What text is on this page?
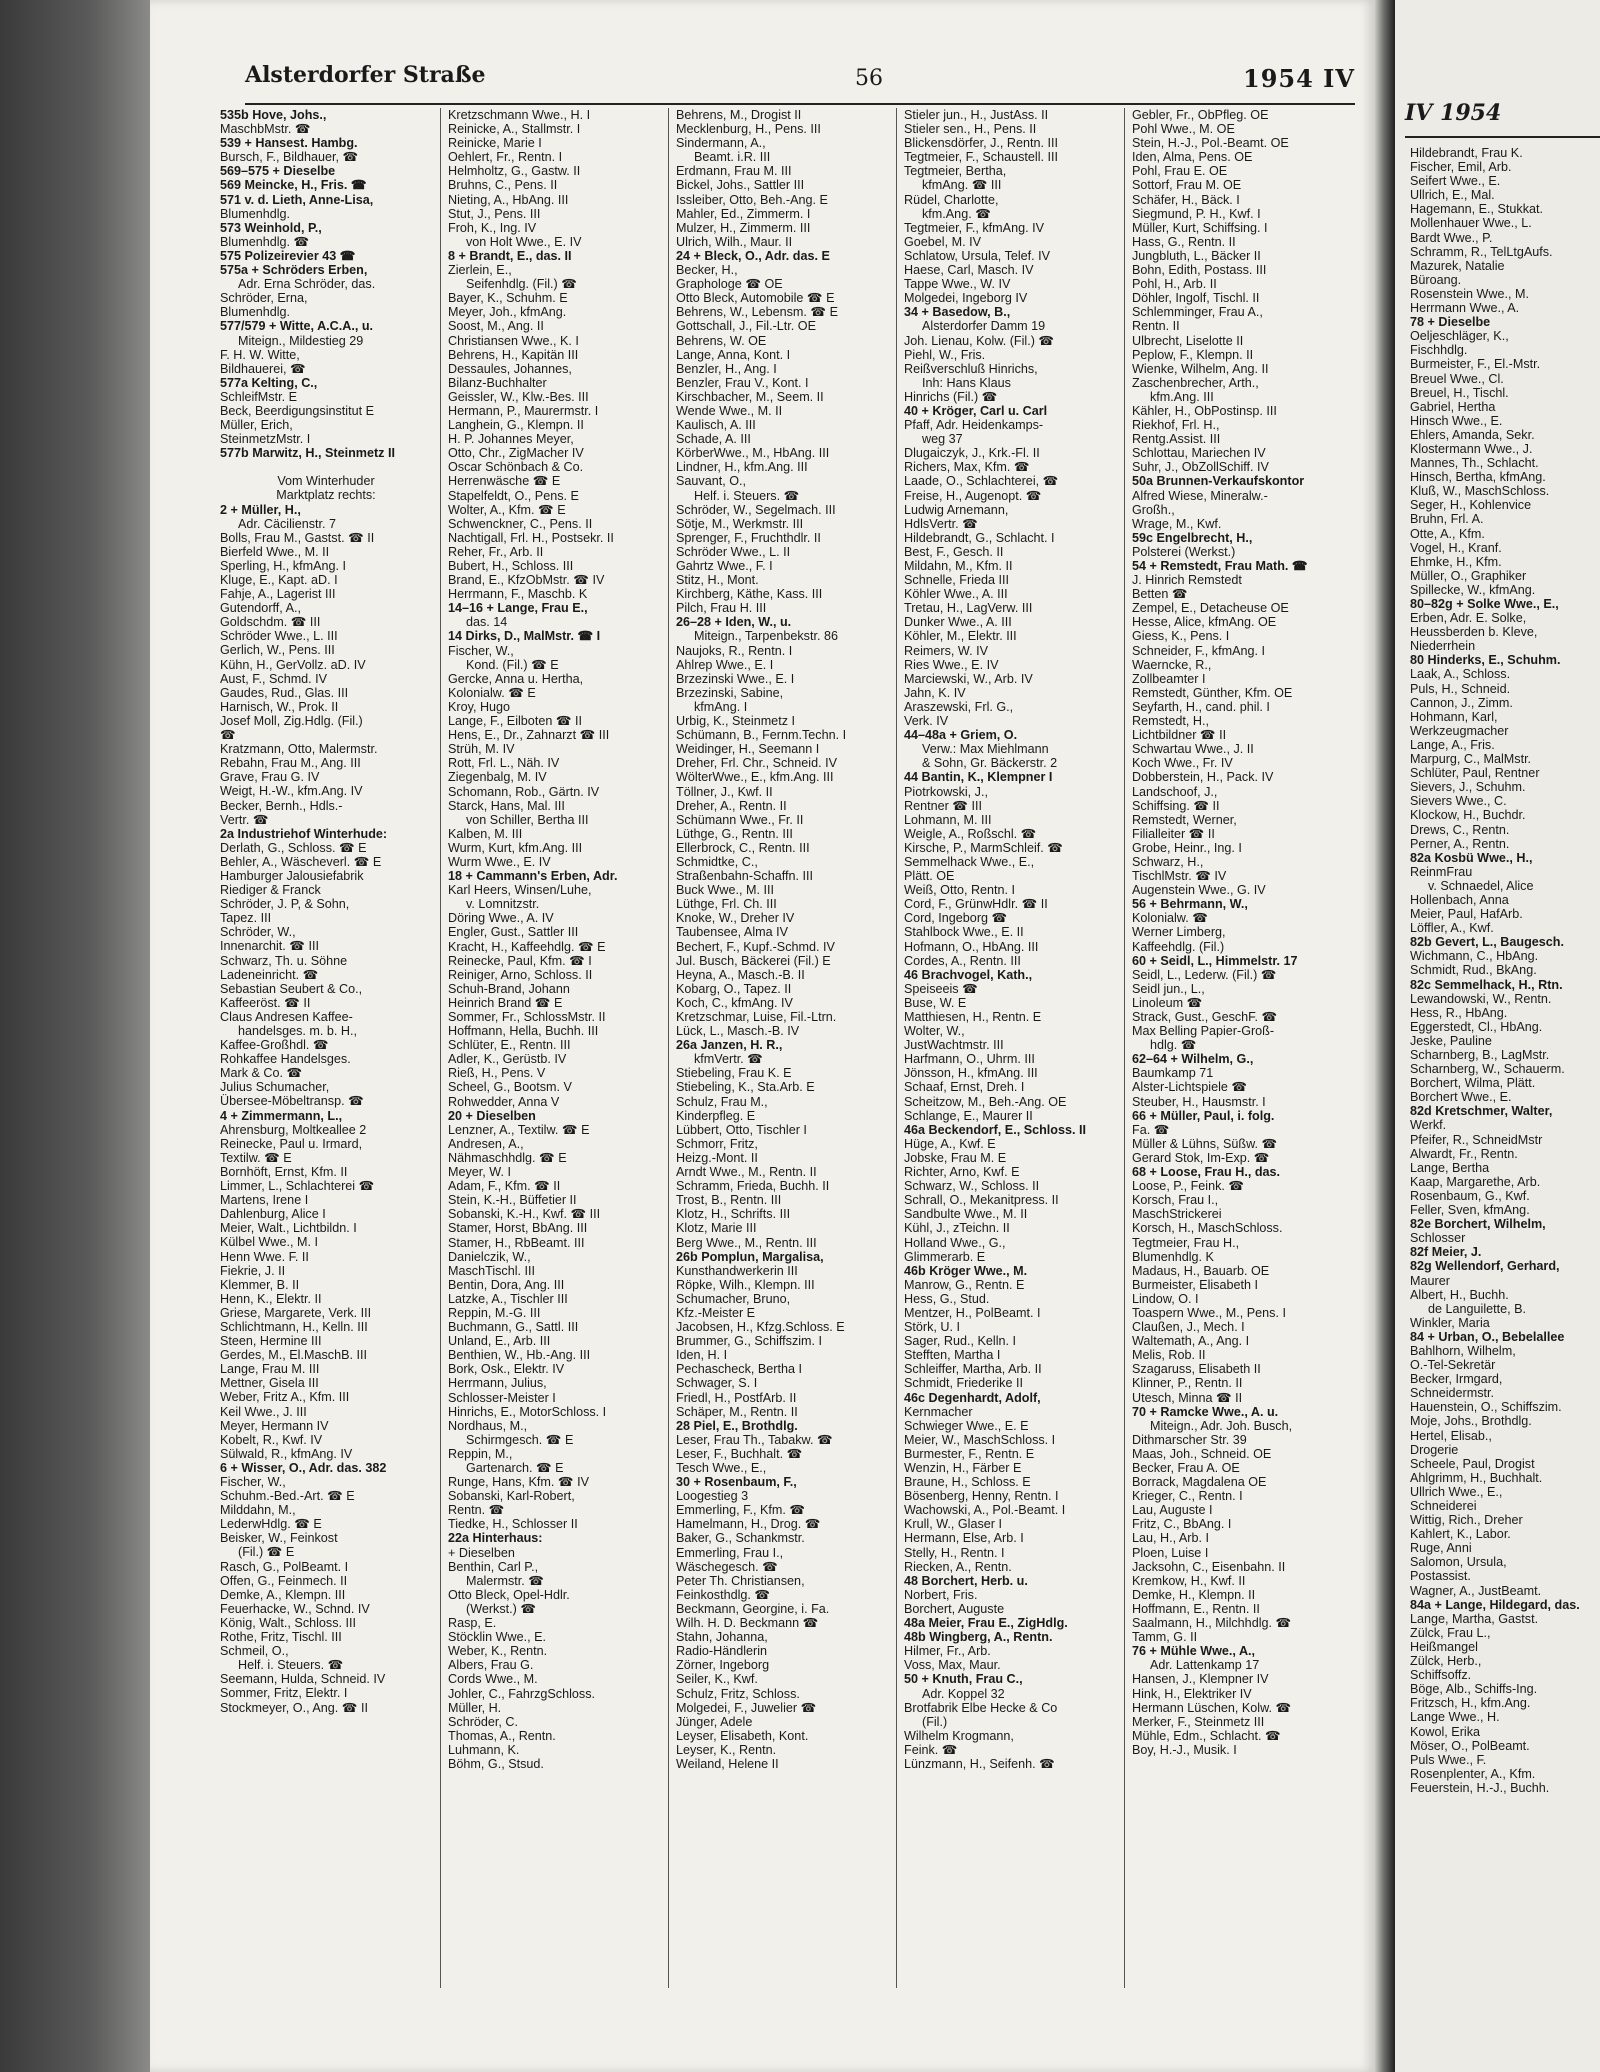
Alsterdorfer Straße	56	1954 IV
535b Hove, Johs.,
MaschbMstr. ☎
539 + Hansest. Hambg.
Bursch, F., Bildhauer, ☎
569–575 + Dieselbe
569 Meincke, H., Fris. ☎
571 v. d. Lieth, Anne-Lisa,
Blumenhdlg.
573 Weinhold, P.,
Blumenhdlg. ☎
575 Polizeirevier 43 ☎
575a + Schröders Erben,
Adr. Erna Schröder, das.
Schröder, Erna,
Blumenhdlg.
577/579 + Witte, A.C.A., u.
Miteign., Mildestieg 29
F. H. W. Witte,
Bildhauerei, ☎
577a Kelting, C.,
SchleifMstr. E
Beck, Beerdigungsinstitut E
Müller, Erich,
SteinmetzMstr. I
577b Marwitz, H., Steinmetz II
Vom Winterhuder
Marktplatz rechts:
2 + Müller, H.,
Adr. Cäcilienstr. 7
Bolls, Frau M., Gastst. ☎ II
Bierfeld Wwe., M. II
Sperling, H., kfmAng. I
Kluge, E., Kapt. aD. I
Fahje, A., Lagerist III
Gutendorff, A.,
Goldschdm. ☎ III
Schröder Wwe., L. III
Gerlich, W., Pens. III
Kühn, H., GerVollz. aD. IV
Aust, F., Schmd. IV
Gaudes, Rud., Glas. III
Harnisch, W., Prok. II
Josef Moll, Zig.Hdlg. (Fil.)
☎
Kratzmann, Otto, Malermstr.
Rebahn, Frau M., Ang. III
Grave, Frau G. IV
Weigt, H.-W., kfm.Ang. IV
Becker, Bernh., Hdls.-
Vertr. ☎
2a Industriehof Winterhude:
Derlath, G., Schloss. ☎ E
Behler, A., Wäscheverl. ☎ E
Hamburger Jalousiefabrik
Riediger & Franck
Schröder, J. P, & Sohn,
Tapez. III
Schröder, W.,
Innenarchit. ☎ III
Schwarz, Th. u. Söhne
Ladeneinricht. ☎
Sebastian Seubert & Co.,
Kaffeeröst. ☎ II
Claus Andresen Kaffee-
handelsges. m. b. H.,
Kaffee-Großhdl. ☎
Rohkaffee Handelsges.
Mark & Co. ☎
Julius Schumacher,
Übersee-Möbeltransp. ☎
4 + Zimmermann, L.,
Ahrensburg, Moltkeallee 2
Reinecke, Paul u. Irmard,
Textilw. ☎ E
Bornhöft, Ernst, Kfm. II
Limmer, L., Schlachterei ☎
Martens, Irene I
Dahlenburg, Alice I
Meier, Walt., Lichtbildn. I
Külbel Wwe., M. I
Henn Wwe. F. II
Fiekrie, J. II
Klemmer, B. II
Henn, K., Elektr. II
Griese, Margarete, Verk. III
Schlichtmann, H., Kelln. III
Steen, Hermine III
Gerdes, M., El.MaschB. III
Lange, Frau M. III
Mettner, Gisela III
Weber, Fritz A., Kfm. III
Keil Wwe., J. III
Meyer, Hermann IV
Kobelt, R., Kwf. IV
Sülwald, R., kfmAng. IV
6 + Wisser, O., Adr. das. 382
Fischer, W.,
Schuhm.-Bed.-Art. ☎ E
Milddahn, M.,
LederwHdlg. ☎ E
Beisker, W., Feinkost
(Fil.) ☎ E
Rasch, G., PolBeamt. I
Offen, G., Feinmech. II
Demke, A., Klempn. III
Feuerhacke, W., Schnd. IV
König, Walt., Schloss. III
Rothe, Fritz, Tischl. III
Schmeil, O.,
Helf. i. Steuers. ☎
Seemann, Hulda, Schneid. IV
Sommer, Fritz, Elektr. I
Stockmeyer, O., Ang. ☎ II
Kretzschmann Wwe., H. I
Reinicke, A., Stallmstr. I
Reinicke, Marie I
Oehlert, Fr., Rentn. I
Helmholtz, G., Gastw. II
Bruhns, C., Pens. II
Nieting, A., HbAng. III
Stut, J., Pens. III
Froh, K., Ing. IV
von Holt Wwe., E. IV
8 + Brandt, E., das. II
Zierlein, E.,
Seifenhdlg. (Fil.) ☎
Bayer, K., Schuhm. E
Meyer, Joh., kfmAng.
Soost, M., Ang. II
Christiansen Wwe., K. I
Behrens, H., Kapitän III
Dessaules, Johannes,
Bilanz-Buchhalter
Geissler, W., Klw.-Bes. III
Hermann, P., Maurermstr. I
Langhein, G., Klempn. II
H. P. Johannes Meyer,
Otto, Chr., ZigMacher IV
Oscar Schönbach & Co.
Herrenwäsche ☎ E
Stapelfeldt, O., Pens. E
Wolter, A., Kfm. ☎ E
Schwenckner, C., Pens. II
Nachtigall, Frl. H., Postsekr. II
Reher, Fr., Arb. II
Bubert, H., Schloss. III
Brand, E., KfzObMstr. ☎ IV
Herrmann, F., Maschb. K
14–16 + Lange, Frau E.,
das. 14
14 Dirks, D., MalMstr. ☎ I
Fischer, W.,
Kond. (Fil.) ☎ E
Gercke, Anna u. Hertha,
Kolonialw. ☎ E
Kroy, Hugo
Lange, F., Eilboten ☎ II
Hens, E., Dr., Zahnarzt ☎ III
Strüh, M. IV
Rott, Frl. L., Näh. IV
Ziegenbalg, M. IV
Schomann, Rob., Gärtn. IV
Starck, Hans, Mal. III
von Schiller, Bertha III
Kalben, M. III
Wurm, Kurt, kfm.Ang. III
Wurm Wwe., E. IV
18 + Cammann's Erben, Adr.
Karl Heers, Winsen/Luhe,
v. Lomnitzstr.
Döring Wwe., A. IV
Engler, Gust., Sattler III
Kracht, H., Kaffeehdlg. ☎ E
Reinecke, Paul, Kfm. ☎ I
Reiniger, Arno, Schloss. II
Schuh-Brand, Johann
Heinrich Brand ☎ E
Sommer, Fr., SchlossMstr. II
Hoffmann, Hella, Buchh. III
Schlüter, E., Rentn. III
Adler, K., Gerüstb. IV
Rieß, H., Pens. V
Scheel, G., Bootsm. V
Rohwedder, Anna V
20 + Dieselben
Lenzner, A., Textilw. ☎ E
Andresen, A.,
Nähmaschhdlg. ☎ E
Meyer, W. I
Adam, F., Kfm. ☎ II
Stein, K.-H., Büffetier II
Sobanski, K.-H., Kwf. ☎ III
Stamer, Horst, BbAng. III
Stamer, H., RbBeamt. III
Danielczik, W.,
MaschTischl. III
Bentin, Dora, Ang. III
Latzke, A., Tischler III
Reppin, M.-G. III
Buchmann, G., Sattl. III
Unland, E., Arb. III
Benthien, W., Hb.-Ang. III
Bork, Osk., Elektr. IV
Herrmann, Julius,
Schlosser-Meister I
Hinrichs, E., MotorSchloss. I
Nordhaus, M.,
Schirmgesch. ☎ E
Reppin, M.,
Gartenarch. ☎ E
Runge, Hans, Kfm. ☎ IV
Sobanski, Karl-Robert,
Rentn. ☎
Tiedke, H., Schlosser II
22a Hinterhaus:
+ Dieselben
Benthin, Carl P.,
Malermstr. ☎
Otto Bleck, Opel-Hdlr.
(Werkst.) ☎
Rasp, E.
Stöcklin Wwe., E.
Weber, K., Rentn.
Albers, Frau G.
Cords Wwe., M.
Johler, C., FahrzgSchloss.
Müller, H.
Schröder, C.
Thomas, A., Rentn.
Luhmann, K.
Böhm, G., Stsud.
Behrens, M., Drogist II
Mecklenburg, H., Pens. III
Sindermann, A.,
Beamt. i.R. III
Erdmann, Frau M. III
Bickel, Johs., Sattler III
Issleiber, Otto, Beh.-Ang. E
Mahler, Ed., Zimmerm. I
Mulzer, H., Zimmerm. III
Ulrich, Wilh., Maur. II
24 + Bleck, O., Adr. das. E
Becker, H.,
Graphologe ☎ OE
Otto Bleck, Automobile ☎ E
Behrens, W., Lebensm. ☎ E
Gottschall, J., Fil.-Ltr. OE
Behrens, W. OE
Lange, Anna, Kont. I
Benzler, H., Ang. I
Benzler, Frau V., Kont. I
Kirschbacher, M., Seem. II
Wende Wwe., M. II
Kaulisch, A. III
Schade, A. III
KörberWwe., M., HbAng. III
Lindner, H., kfm.Ang. III
Sauvant, O.,
Helf. i. Steuers. ☎
Schröder, W., Segelmach. III
Sötje, M., Werkmstr. III
Sprenger, F., Fruchthdlr. II
Schröder Wwe., L. II
Gahrtz Wwe., F. I
Stitz, H., Mont.
Kirchberg, Käthe, Kass. III
Pilch, Frau H. III
26–28 + Iden, W., u.
Miteign., Tarpenbekstr. 86
Naujoks, R., Rentn. I
Ahlrep Wwe., E. I
Brzezinski Wwe., E. I
Brzezinski, Sabine,
kfmAng. I
Urbig, K., Steinmetz I
Schümann, B., Fernm.Techn. I
Weidinger, H., Seemann I
Dreher, Frl. Chr., Schneid. IV
WölterWwe., E., kfm.Ang. III
Töllner, J., Kwf. II
Dreher, A., Rentn. II
Schümann Wwe., Fr. II
Lüthge, G., Rentn. III
Ellerbrock, C., Rentn. III
Schmidtke, C.,
Straßenbahn-Schaffn. III
Buck Wwe., M. III
Lüthge, Frl. Ch. III
Knoke, W., Dreher IV
Taubensee, Alma IV
Bechert, F., Kupf.-Schmd. IV
Jul. Busch, Bäckerei (Fil.) E
Heyna, A., Masch.-B. II
Kobarg, O., Tapez. II
Koch, C., kfmAng. IV
Kretzschmar, Luise, Fil.-Ltrn.
Lück, L., Masch.-B. IV
26a Janzen, H. R.,
kfmVertr. ☎
Stiebeling, Frau K. E
Stiebeling, K., Sta.Arb. E
Schulz, Frau M.,
Kinderpfleg. E
Lübbert, Otto, Tischler I
Schmorr, Fritz,
Heizg.-Mont. II
Arndt Wwe., M., Rentn. II
Schramm, Frieda, Buchh. II
Trost, B., Rentn. III
Klotz, H., Schrifts. III
Klotz, Marie III
Berg Wwe., M., Rentn. III
26b Pomplun, Margalisa,
Kunsthandwerkerin III
Röpke, Wilh., Klempn. III
Schumacher, Bruno,
Kfz.-Meister E
Jacobsen, H., Kfzg.Schloss. E
Brummer, G., Schiffszim. I
Iden, H. I
Pechascheck, Bertha I
Schwager, S. I
Friedl, H., PostfArb. II
Schäper, M., Rentn. II
28 Piel, E., Brothdlg.
Leser, Frau Th., Tabakw. ☎
Leser, F., Buchhalt. ☎
Tesch Wwe., E.,
30 + Rosenbaum, F.,
Loogestieg 3
Emmerling, F., Kfm. ☎
Hamelmann, H., Drog. ☎
Baker, G., Schankmstr.
Emmerling, Frau I.,
Wäschegesch. ☎
Peter Th. Christiansen,
Feinkosthdlg. ☎
Beckmann, Georgine, i. Fa.
Wilh. H. D. Beckmann ☎
Stahn, Johanna,
Radio-Händlerin
Zörner, Ingeborg
Seiler, K., Kwf.
Schulz, Fritz, Schloss.
Molgedei, F., Juwelier ☎
Jünger, Adele
Leyser, Elisabeth, Kont.
Leyser, K., Rentn.
Weiland, Helene II
Stieler jun., H., JustAss. II
Stieler sen., H., Pens. II
Blickensdörfer, J., Rentn. III
Tegtmeier, F., Schaustell. III
Tegtmeier, Bertha,
kfmAng. ☎ III
Rüdel, Charlotte,
kfm.Ang. ☎
Tegtmeier, F., kfmAng. IV
Goebel, M. IV
Schlatow, Ursula, Telef. IV
Haese, Carl, Masch. IV
Tappe Wwe., W. IV
Molgedei, Ingeborg IV
34 + Basedow, B.,
Alsterdorfer Damm 19
Joh. Lienau, Kolw. (Fil.) ☎
Piehl, W., Fris.
Reißverschluß Hinrichs,
Inh: Hans Klaus
Hinrichs (Fil.) ☎
40 + Kröger, Carl u. Carl
Pfaff, Adr. Heidenkamps-
weg 37
Dlugaiczyk, J., Krk.-Fl. II
Richers, Max, Kfm. ☎
Laade, O., Schlachterei, ☎
Freise, H., Augenopt. ☎
Ludwig Arnemann,
HdlsVertr. ☎
Hildebrandt, G., Schlacht. I
Best, F., Gesch. II
Mildahn, M., Kfm. II
Schnelle, Frieda III
Köhler Wwe., A. III
Tretau, H., LagVerw. III
Dunker Wwe., A. III
Köhler, M., Elektr. III
Reimers, W. IV
Ries Wwe., E. IV
Marciewski, W., Arb. IV
Jahn, K. IV
Araszewski, Frl. G.,
Verk. IV
44–48a + Griem, O.
Verw.: Max Miehlmann
& Sohn, Gr. Bäckerstr. 2
44 Bantin, K., Klempner I
Piotrkowski, J.,
Rentner ☎ III
Lohmann, M. III
Weigle, A., Roßschl. ☎
Kirsche, P., MarmSchleif. ☎
Semmelhack Wwe., E.,
Plätt. OE
Weiß, Otto, Rentn. I
Cord, F., GrünwHdlr. ☎ II
Cord, Ingeborg ☎
Stahlbock Wwe., E. II
Hofmann, O., HbAng. III
Cordes, A., Rentn. III
46 Brachvogel, Kath.,
Speiseeis ☎
Buse, W. E
Matthiesen, H., Rentn. E
Wolter, W.,
JustWachtmstr. III
Harfmann, O., Uhrm. III
Jönsson, H., kfmAng. III
Schaaf, Ernst, Dreh. I
Scheitzow, M., Beh.-Ang. OE
Schlange, E., Maurer II
46a Beckendorf, E., Schloss. II
Hüge, A., Kwf. E
Jobske, Frau M. E
Richter, Arno, Kwf. E
Schwarz, W., Schloss. II
Schrall, O., Mekanitpress. II
Sandbulte Wwe., M. II
Kühl, J., zTeichn. II
Holland Wwe., G.,
Glimmerarb. E
46b Kröger Wwe., M.
Manrow, G., Rentn. E
Hess, G., Stud.
Mentzer, H., PolBeamt. I
Störk, U. I
Sager, Rud., Kelln. I
Stefften, Martha I
Schleiffer, Martha, Arb. II
Schmidt, Friederike II
46c Degenhardt, Adolf,
Kernmacher
Schwieger Wwe., E. E
Meier, W., MaschSchloss. I
Burmester, F., Rentn. E
Wenzin, H., Färber E
Braune, H., Schloss. E
Bösenberg, Henny, Rentn. I
Wachowski, A., Pol.-Beamt. I
Krull, W., Glaser I
Hermann, Else, Arb. I
Stelly, H., Rentn. I
Riecken, A., Rentn.
48 Borchert, Herb. u.
Norbert, Fris.
Borchert, Auguste
48a Meier, Frau E., ZigHdlg.
48b Wingberg, A., Rentn.
Hilmer, Fr., Arb.
Voss, Max, Maur.
50 + Knuth, Frau C.,
Adr. Koppel 32
Brotfabrik Elbe Hecke & Co
(Fil.)
Wilhelm Krogmann,
Feink. ☎
Lünzmann, H., Seifenh. ☎
Gebler, Fr., ObPfleg. OE
Pohl Wwe., M. OE
Stein, H.-J., Pol.-Beamt. OE
Iden, Alma, Pens. OE
Pohl, Frau E. OE
Sottorf, Frau M. OE
Schäfer, H., Bäck. I
Siegmund, P. H., Kwf. I
Müller, Kurt, Schiffsing. I
Hass, G., Rentn. II
Jungbluth, L., Bäcker II
Bohn, Edith, Postass. III
Pohl, H., Arb. II
Döhler, Ingolf, Tischl. II
Schlemminger, Frau A.,
Rentn. II
Ulbrecht, Liselotte II
Peplow, F., Klempn. II
Wienke, Wilhelm, Ang. II
Zaschenbrecher, Arth.,
kfm.Ang. III
Kähler, H., ObPostinsp. III
Riekhof, Frl. H.,
Rentg.Assist. III
Schlottau, Mariechen IV
Suhr, J., ObZollSchiff. IV
50a Brunnen-Verkaufskontor
Alfred Wiese, Mineralw.-
Großh.,
Wrage, M., Kwf.
59c Engelbrecht, H.,
Polsterei (Werkst.)
54 + Remstedt, Frau Math. ☎
J. Hinrich Remstedt
Betten ☎
Zempel, E., Detacheuse OE
Hesse, Alice, kfmAng. OE
Giess, K., Pens. I
Schneider, F., kfmAng. I
Waerncke, R.,
Zollbeamter I
Remstedt, Günther, Kfm. OE
Seyfarth, H., cand. phil. I
Remstedt, H.,
Lichtbildner ☎ II
Schwartau Wwe., J. II
Koch Wwe., Fr. IV
Dobberstein, H., Pack. IV
Landschoof, J.,
Schiffsing. ☎ II
Remstedt, Werner,
Filialleiter ☎ II
Grobe, Heinr., Ing. I
Schwarz, H.,
TischlMstr. ☎ IV
Augenstein Wwe., G. IV
56 + Behrmann, W.,
Kolonialw. ☎
Werner Limberg,
Kaffeehdlg. (Fil.)
60 + Seidl, L., Himmelstr. 17
Seidl, L., Lederw. (Fil.) ☎
Seidl jun., L.,
Linoleum ☎
Strack, Gust., GeschF. ☎
Max Belling Papier-Groß-
hdlg. ☎
62–64 + Wilhelm, G.,
Baumkamp 71
Alster-Lichtspiele ☎
Steuber, H., Hausmstr. I
66 + Müller, Paul, i. folg.
Fa. ☎
Müller & Lühns, Süßw. ☎
Gerard Stok, Im-Exp. ☎
68 + Loose, Frau H., das.
Loose, P., Feink. ☎
Korsch, Frau I.,
MaschStrickerei
Korsch, H., MaschSchloss.
Tegtmeier, Frau H.,
Blumenhdlg. K
Madaus, H., Bauarb. OE
Burmeister, Elisabeth I
Lindow, O. I
Toaspern Wwe., M., Pens. I
Claußen, J., Mech. I
Waltemath, A., Ang. I
Melis, Rob. II
Szagaruss, Elisabeth II
Klinner, P., Rentn. II
Utesch, Minna ☎ II
70 + Ramcke Wwe., A. u.
Miteign., Adr. Joh. Busch,
Dithmarscher Str. 39
Maas, Joh., Schneid. OE
Becker, Frau A. OE
Borrack, Magdalena OE
Krieger, C., Rentn. I
Lau, Auguste I
Fritz, C., BbAng. I
Lau, H., Arb. I
Ploen, Luise I
Jacksohn, C., Eisenbahn. II
Kremkow, H., Kwf. II
Demke, H., Klempn. II
Hoffmann, E., Rentn. II
Saalmann, H., Milchhdlg. ☎
Tamm, G. II
76 + Mühle Wwe., A.,
Adr. Lattenkamp 17
Hansen, J., Klempner IV
Hink, H., Elektriker IV
Hermann Lüschen, Kolw. ☎
Merker, F., Steinmetz III
Mühle, Edm., Schlacht. ☎
Boy, H.-J., Musik. I
IV 1954
Hildebrandt, Frau K.
Fischer, Emil, Arb.
Seifert Wwe., E.
Ullrich, E., Mal.
Hagemann, E., Stukkat.
Mollenhauer Wwe., L.
Bardt Wwe., P.
Schramm, R., TelLtgAufs.
Mazurek, Natalie
Büroang.
Rosenstein Wwe., M.
Herrmann Wwe., A.
78 + Dieselbe
Oeljeschläger, K.,
Fischhdlg.
Burmeister, F., El.-Mstr.
Breuel Wwe., Cl.
Breuel, H., Tischl.
Gabriel, Hertha
Hinsch Wwe., E.
Ehlers, Amanda, Sekr.
Klostermann Wwe., J.
Mannes, Th., Schlacht.
Hinsch, Bertha, kfmAng.
Kluß, W., MaschSchloss.
Seger, H., Kohlenvice
Bruhn, Frl. A.
Otte, A., Kfm.
Vogel, H., Kranf.
Ehmke, H., Kfm.
Müller, O., Graphiker
Spillecke, W., kfmAng.
80–82g + Solke Wwe., E.,
Erben, Adr. E. Solke,
Heussberden b. Kleve,
Niederrhein
80 Hinderks, E., Schuhm.
Laak, A., Schloss.
Puls, H., Schneid.
Cannon, J., Zimm.
Hohmann, Karl,
Werkzeugmacher
Lange, A., Fris.
Marpurg, C., MalMstr.
Schlüter, Paul, Rentner
Sievers, J., Schuhm.
Sievers Wwe., C.
Klockow, H., Buchdr.
Drews, C., Rentn.
Perner, A., Rentn.
82a Kosbü Wwe., H.,
ReinmFrau
v. Schnaedel, Alice
Hollenbach, Anna
Meier, Paul, HafArb.
Löffler, A., Kwf.
82b Gevert, L., Baugesch.
Wichmann, C., HbAng.
Schmidt, Rud., BkAng.
82c Semmelhack, H., Rtn.
Lewandowski, W., Rentn.
Hess, R., HbAng.
Eggerstedt, Cl., HbAng.
Jeske, Pauline
Scharnberg, B., LagMstr.
Scharnberg, W., Schauerm.
Borchert, Wilma, Plätt.
Borchert Wwe., E.
82d Kretschmer, Walter,
Werkf.
Pfeifer, R., SchneidMstr
Alwardt, Fr., Rentn.
Lange, Bertha
Kaap, Margarethe, Arb.
Rosenbaum, G., Kwf.
Feller, Sven, kfmAng.
82e Borchert, Wilhelm,
Schlosser
82f Meier, J.
82g Wellendorf, Gerhard,
Maurer
Albert, H., Buchh.
de Languilette, B.
Winkler, Maria
84 + Urban, O., Bebelallee
Bahlhorn, Wilhelm,
O.-Tel-Sekretär
Becker, Irmgard,
Schneidermstr.
Hauenstein, O., Schiffszim.
Moje, Johs., Brothdlg.
Hertel, Elisab.,
Drogerie
Scheele, Paul, Drogist
Ahlgrimm, H., Buchhalt.
Ullrich Wwe., E.,
Schneiderei
Wittig, Rich., Dreher
Kahlert, K., Labor.
Ruge, Anni
Salomon, Ursula,
Postassist.
Wagner, A., JustBeamt.
84a + Lange, Hildegard, das.
Lange, Martha, Gastst.
Zülck, Frau L.,
Heißmangel
Zülck, Herb.,
Schiffsoffz.
Böge, Alb., Schiffs-Ing.
Fritzsch, H., kfm.Ang.
Lange Wwe., H.
Kowol, Erika
Möser, O., PolBeamt.
Puls Wwe., F.
Rosenplenter, A., Kfm.
Feuerstein, H.-J., Buchh.
